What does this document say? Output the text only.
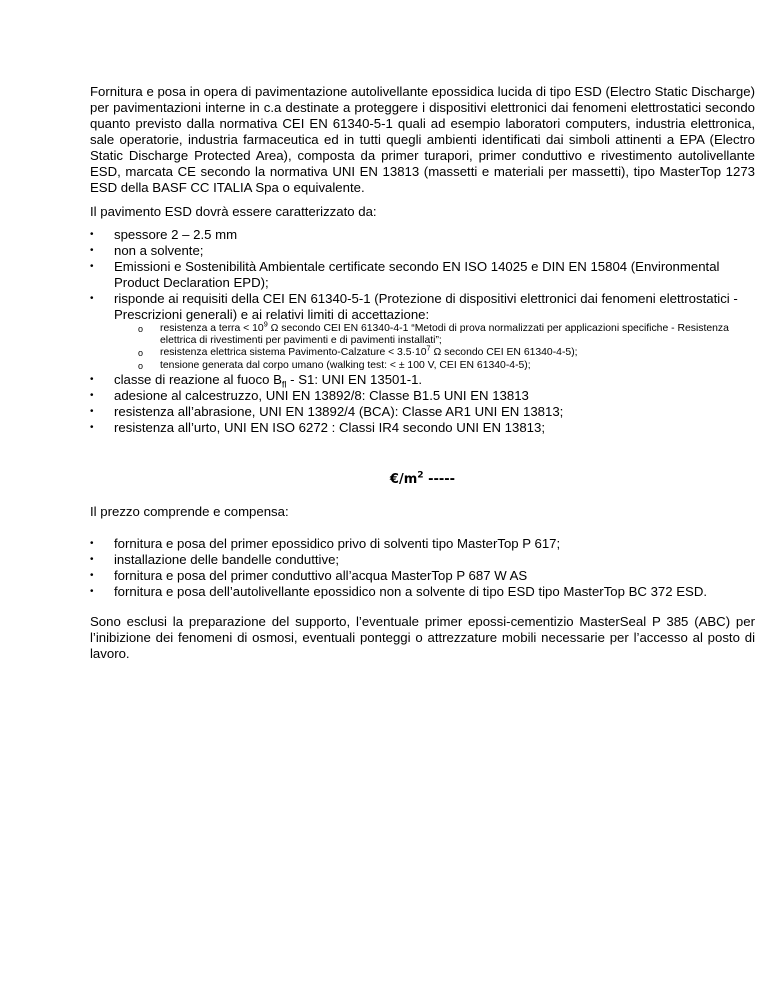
Fornitura e posa in opera di pavimentazione autolivellante epossidica lucida di tipo ESD (Electro Static Discharge) per pavimentazioni interne in c.a destinate a proteggere i dispositivi elettronici dai fenomeni elettrostatici secondo quanto previsto dalla normativa CEI EN 61340-5-1 quali ad esempio laboratori computers, industria elettronica, sale operatorie, industria farmaceutica ed in tutti quegli ambienti identificati dai simboli attinenti a EPA (Electro Static Discharge Protected Area), composta da primer turapori, primer conduttivo e rivestimento autolivellante ESD, marcata CE secondo la normativa UNI EN 13813 (massetti e materiali per massetti), tipo MasterTop 1273 ESD della BASF CC ITALIA Spa o equivalente.

Il pavimento ESD dovrà essere caratterizzato da:

•	spessore 2 – 2.5 mm
•	non a solvente;
•	Emissioni e Sostenibilità Ambientale certificate secondo EN ISO 14025 e DIN EN 15804 (Environmental Product Declaration EPD);
•	risponde ai requisiti della CEI EN 61340-5-1 (Protezione di dispositivi elettronici dai fenomeni elettrostatici - Prescrizioni generali) e ai relativi limiti di accettazione:
o resistenza a terra < $10^9$ Ω secondo CEI EN 61340-4-1 “Metodi di prova normalizzati per applicazioni specifiche - Resistenza elettrica di rivestimenti per pavimenti e di pavimenti installati”;
o resistenza elettrica sistema Pavimento-Calzature < $3.5\cdot 10^7$ Ω secondo CEI EN 61340-4-5);
o tensione generata dal corpo umano (walking test: < ± 100 V, CEI EN 61340-4-5);
•	classe di reazione al fuoco $B_{fl} - S1$: UNI EN 13501-1.
•	adesione al calcestruzzo, UNI EN 13892/8: Classe B1.5 UNI EN 13813
•	resistenza all’abrasione, UNI EN 13892/4 (BCA): Classe AR1 UNI EN 13813;
•	resistenza all’urto, UNI EN ISO 6272 : Classi IR4 secondo UNI EN 13813;
$€/m^2$ -----

Il prezzo comprende e compensa:

•	fornitura e posa del primer epossidico privo di solventi tipo MasterTop P 617;
•	installazione delle bandelle conduttive;
•	fornitura e posa del primer conduttivo all’acqua MasterTop P 687 W AS
•	fornitura e posa dell’autolivellante epossidico non a solvente di tipo ESD tipo MasterTop BC 372 ESD.

Sono esclusi la preparazione del supporto, l’eventuale primer epossi-cementizio MasterSeal P 385 (ABC) per l’inibizione dei fenomeni di osmosi, eventuali ponteggi o attrezzature mobili necessarie per l’accesso al posto di lavoro.
